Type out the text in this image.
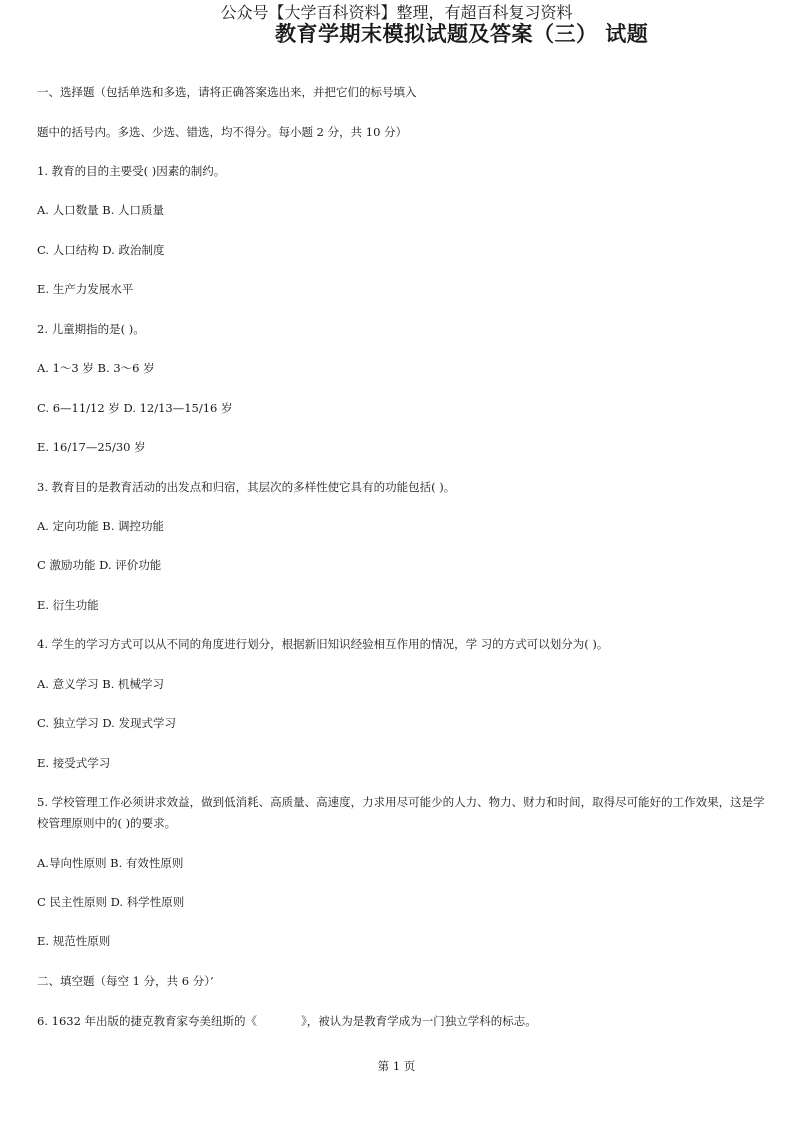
公众号【大学百科资料】整理，有超百科复习资料
教育学期末模拟试题及答案（三） 试题
一、选择题（包括单选和多选，请将正确答案选出来，并把它们的标号填入
题中的括号内。多选、少选、错选，均不得分。每小题 2 分，共 10 分）
1. 教育的目的主要受( )因素的制约。
A. 人口数量 B. 人口质量
C. 人口结构 D. 政治制度
E. 生产力发展水平
2. 儿童期指的是( )。
A. 1～3 岁 B. 3～6 岁
C. 6—11/12 岁 D. 12/13—15/16 岁
E. 16/17—25/30 岁
3. 教育目的是教育活动的出发点和归宿，其层次的多样性使它具有的功能包括( )。
A. 定向功能 B. 调控功能
C 激励功能 D. 评价功能
E. 衍生功能
4. 学生的学习方式可以从不同的角度进行划分，根据新旧知识经验相互作用的情况，学 习的方式可以划分为( )。
A. 意义学习 B. 机械学习
C. 独立学习 D. 发现式学习
E. 接受式学习
5. 学校管理工作必须讲求效益，做到低消耗、高质量、高速度，力求用尽可能少的人力、物力、财力和时间，取得尽可能好的工作效果，这是学校管理原则中的( )的要求。
A.导向性原则 B. 有效性原则
C 民主性原则 D. 科学性原则
E. 规范性原则
二、填空题（每空 1 分，共 6 分）’
6. 1632 年出版的捷克教育家夸美纽斯的《	》，被认为是教育学成为一门独立学科的标志。
第 1 页
